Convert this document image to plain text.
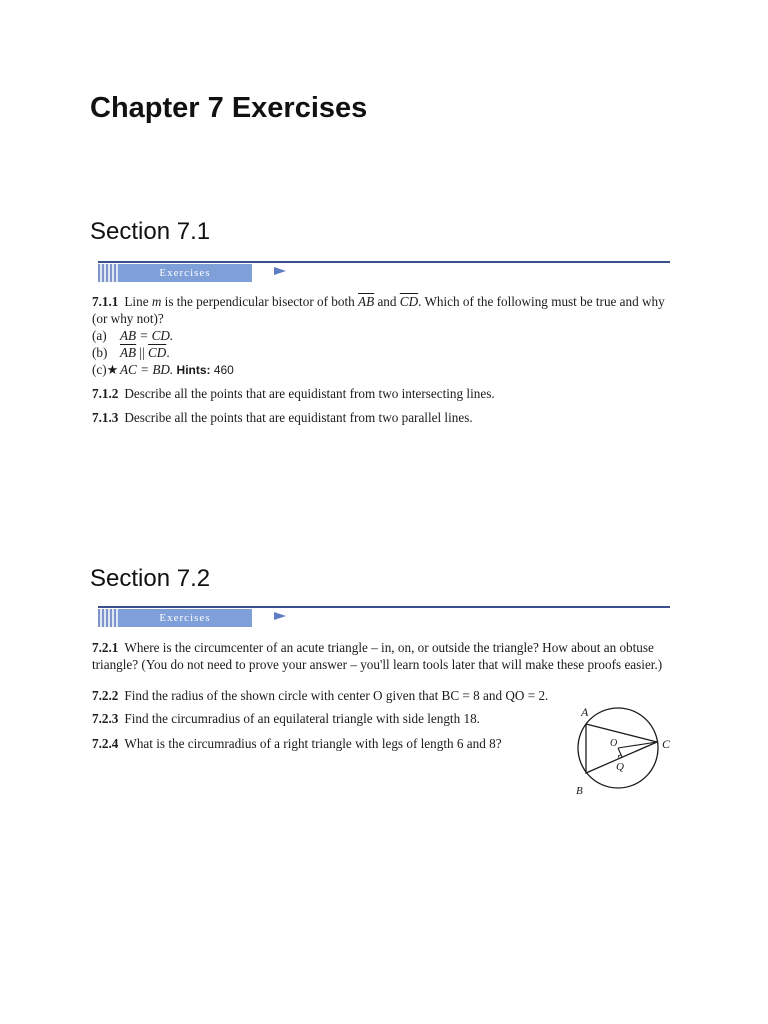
Chapter 7 Exercises
Section 7.1
Exercises

7.1.1 Line m is the perpendicular bisector of both $\overline{AB}$ and $\overline{CD}$. Which of the following must be true and why (or why not)?

(a) AB = CD.
(b) $\overline{AB}$ || $\overline{CD}$.
(c)★ AC = BD. Hints: 460

7.1.2 Describe all the points that are equidistant from two intersecting lines.

7.1.3 Describe all the points that are equidistant from two parallel lines.

Section 7.2
Exercises

7.2.1 Where is the circumcenter of an acute triangle – in, on, or outside the triangle? How about an obtuse triangle? (You do not need to prove your answer – you'll learn tools later that will make these proofs easier.)

7.2.2 Find the radius of the shown circle with center O given that BC = 8 and QO = 2.

7.2.3 Find the circumradius of an equilateral triangle with side length 18.

7.2.4 What is the circumradius of a right triangle with legs of length 6 and 8?

A
B
C
O
Q
